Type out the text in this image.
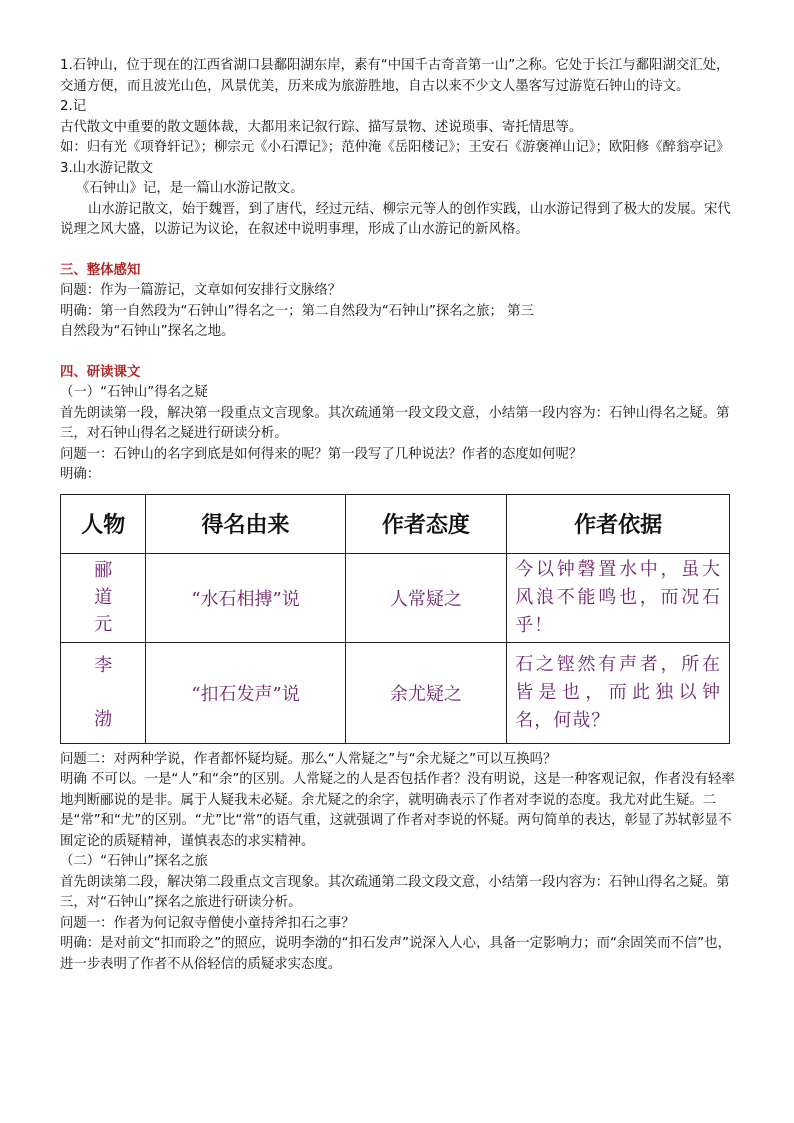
1.石钟山，位于现在的江西省湖口县鄱阳湖东岸，素有“中国千古奇音第一山”之称。它处于长江与鄱阳湖交汇处，交通方便，而且波光山色，风景优美，历来成为旅游胜地，自古以来不少文人墨客写过游览石钟山的诗文。

2.记

古代散文中重要的散文题体裁，大都用来记叙行踪、描写景物、述说琐事、寄托情思等。

如：归有光《项脊轩记》；柳宗元《小石潭记》；范仲淹《岳阳楼记》；王安石《游褒禅山记》；欧阳修《醉翁亭记》

3.山水游记散文

《石钟山》记，是一篇山水游记散文。

山水游记散文，始于魏晋，到了唐代，经过元结、柳宗元等人的创作实践，山水游记得到了极大的发展。宋代说理之风大盛，以游记为议论，在叙述中说明事理，形成了山水游记的新风格。

三、整体感知

问题：作为一篇游记，文章如何安排行文脉络？

明确：第一自然段为“石钟山”得名之一；第二自然段为“石钟山”探名之旅； 第三

自然段为“石钟山”探名之地。

四、研读课文

（一）“石钟山”得名之疑

首先朗读第一段，解决第一段重点文言现象。其次疏通第一段文段文意，小结第一段内容为：石钟山得名之疑。第三，对石钟山得名之疑进行研读分析。

问题一：石钟山的名字到底是如何得来的呢？第一段写了几种说法？作者的态度如何呢？

明确：

人物	得名由来	作者态度	作者依据

郦
道
元	“水石相搏”说	人常疑之	今以钟磬置水中，虽大风浪不能鸣也，而况石乎！

李
渤	“扣石发声”说	余尤疑之	石之铿然有声者，所在皆是也，而此独以钟名，何哉？

问题二：对两种学说，作者都怀疑均疑。那么“人常疑之”与“余尤疑之”可以互换吗？

明确 不可以。一是“人”和“余”的区别。人常疑之的人是否包括作者？没有明说，这是一种客观记叙，作者没有轻率地判断郦说的是非。属于人疑我未必疑。余尤疑之的余字，就明确表示了作者对李说的态度。我尤对此生疑。二是“常”和“尤”的区别。“尤”比“常”的语气重，这就强调了作者对李说的怀疑。两句简单的表达，彰显了苏轼彰显不囿定论的质疑精神，谨慎表态的求实精神。

（二）“石钟山”探名之旅

首先朗读第二段，解决第二段重点文言现象。其次疏通第二段文段文意，小结第一段内容为：石钟山得名之疑。第三，对“石钟山”探名之旅进行研读分析。

问题一：作者为何记叙寺僧使小童持斧扣石之事？

明确：是对前文“扣而聆之”的照应，说明李渤的“扣石发声”说深入人心，具备一定影响力；而“余固笑而不信”也，进一步表明了作者不从俗轻信的质疑求实态度。
